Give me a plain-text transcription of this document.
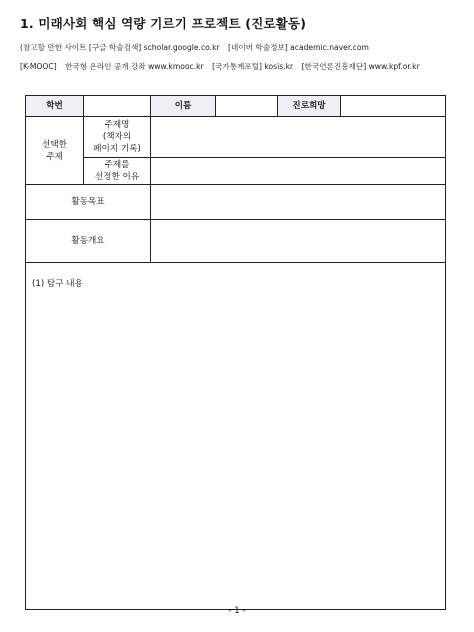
1. 미래사회 핵심 역량 기르기 프로젝트 (진로활동)
(참고할 만한 사이트 [구글 학술검색] scholar.google.co.kr [네이버 학술정보] academic.naver.com
[K-MOOC] 한국형 온라인 공개 강좌 www.kmooc.kr [국가통계포털] kosis.kr [한국언론진흥재단] www.kpf.or.kr
학번	이름	진로희망
선택한
주제
주제명
(책자의
페이지 기록)
주제를
선정한 이유
활동목표
활동개요
(1) 탐구 내용
- 1 -
